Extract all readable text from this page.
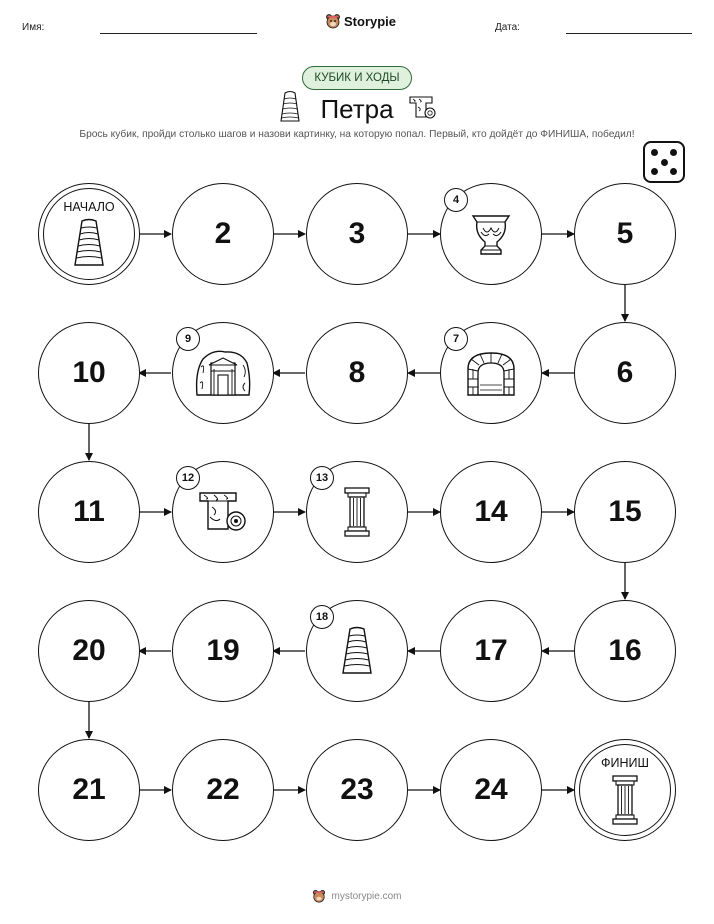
Имя:	Storypie	Дата:
КУБИК И ХОДЫ
Петра
Брось кубик, пройди столько шагов и назови картинку, на которую попал. Первый, кто дойдёт до ФИНИША, победил!
НАЧАЛО
2	3
4
5
6
7
8
9
10
11
12	13
14	15
16
17
18
19
20
21	22	23	24
ФИНИШ
mystorypie.com
